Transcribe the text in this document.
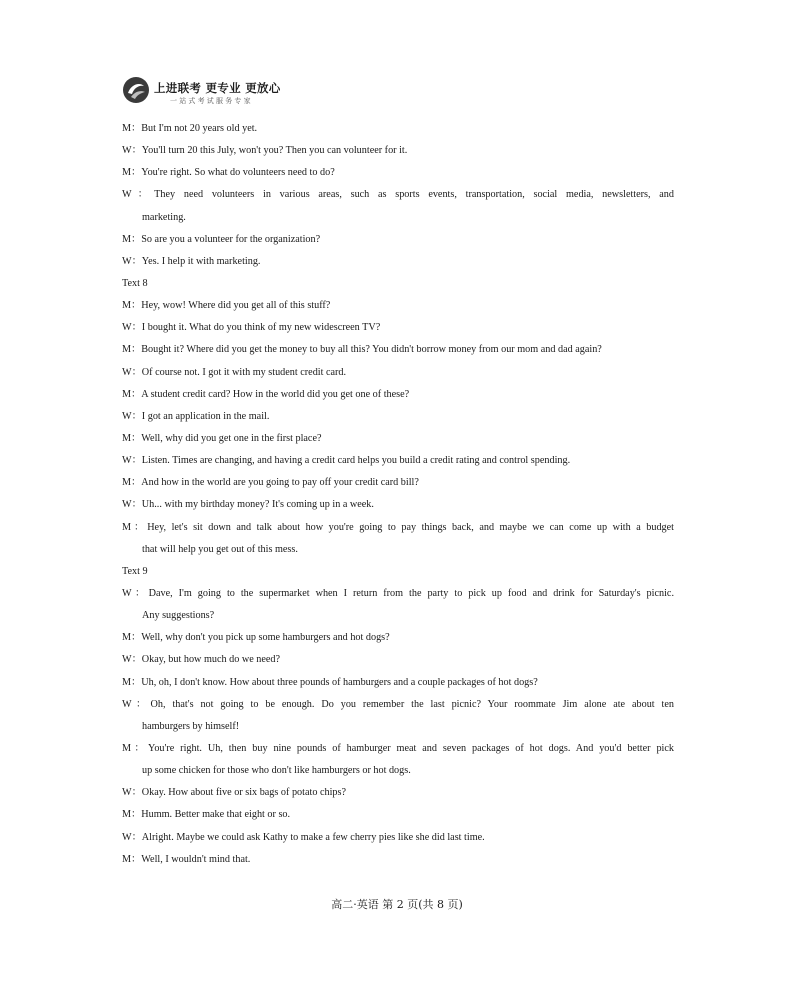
上进联考 更专业 更放心
一站式考试服务专家
M：But I'm not 20 years old yet.
W：You'll turn 20 this July, won't you? Then you can volunteer for it.
M：You're right. So what do volunteers need to do?
W：They need volunteers in various areas, such as sports events, transportation, social media, newsletters, and
marketing.
M：So are you a volunteer for the organization?
W：Yes. I help it with marketing.
Text 8
M：Hey, wow! Where did you get all of this stuff?
W：I bought it. What do you think of my new widescreen TV?
M：Bought it? Where did you get the money to buy all this? You didn't borrow money from our mom and dad again?
W：Of course not. I got it with my student credit card.
M：A student credit card? How in the world did you get one of these?
W：I got an application in the mail.
M：Well, why did you get one in the first place?
W：Listen. Times are changing, and having a credit card helps you build a credit rating and control spending.
M：And how in the world are you going to pay off your credit card bill?
W：Uh... with my birthday money? It's coming up in a week.
M：Hey, let's sit down and talk about how you're going to pay things back, and maybe we can come up with a budget
that will help you get out of this mess.
Text 9
W：Dave, I'm going to the supermarket when I return from the party to pick up food and drink for Saturday's picnic.
Any suggestions?
M：Well, why don't you pick up some hamburgers and hot dogs?
W：Okay, but how much do we need?
M：Uh, oh, I don't know. How about three pounds of hamburgers and a couple packages of hot dogs?
W：Oh, that's not going to be enough. Do you remember the last picnic? Your roommate Jim alone ate about ten
hamburgers by himself!
M：You're right. Uh, then buy nine pounds of hamburger meat and seven packages of hot dogs. And you'd better pick
up some chicken for those who don't like hamburgers or hot dogs.
W：Okay. How about five or six bags of potato chips?
M：Humm. Better make that eight or so.
W：Alright. Maybe we could ask Kathy to make a few cherry pies like she did last time.
M：Well, I wouldn't mind that.
高二·英语 第 2 页(共 8 页)
